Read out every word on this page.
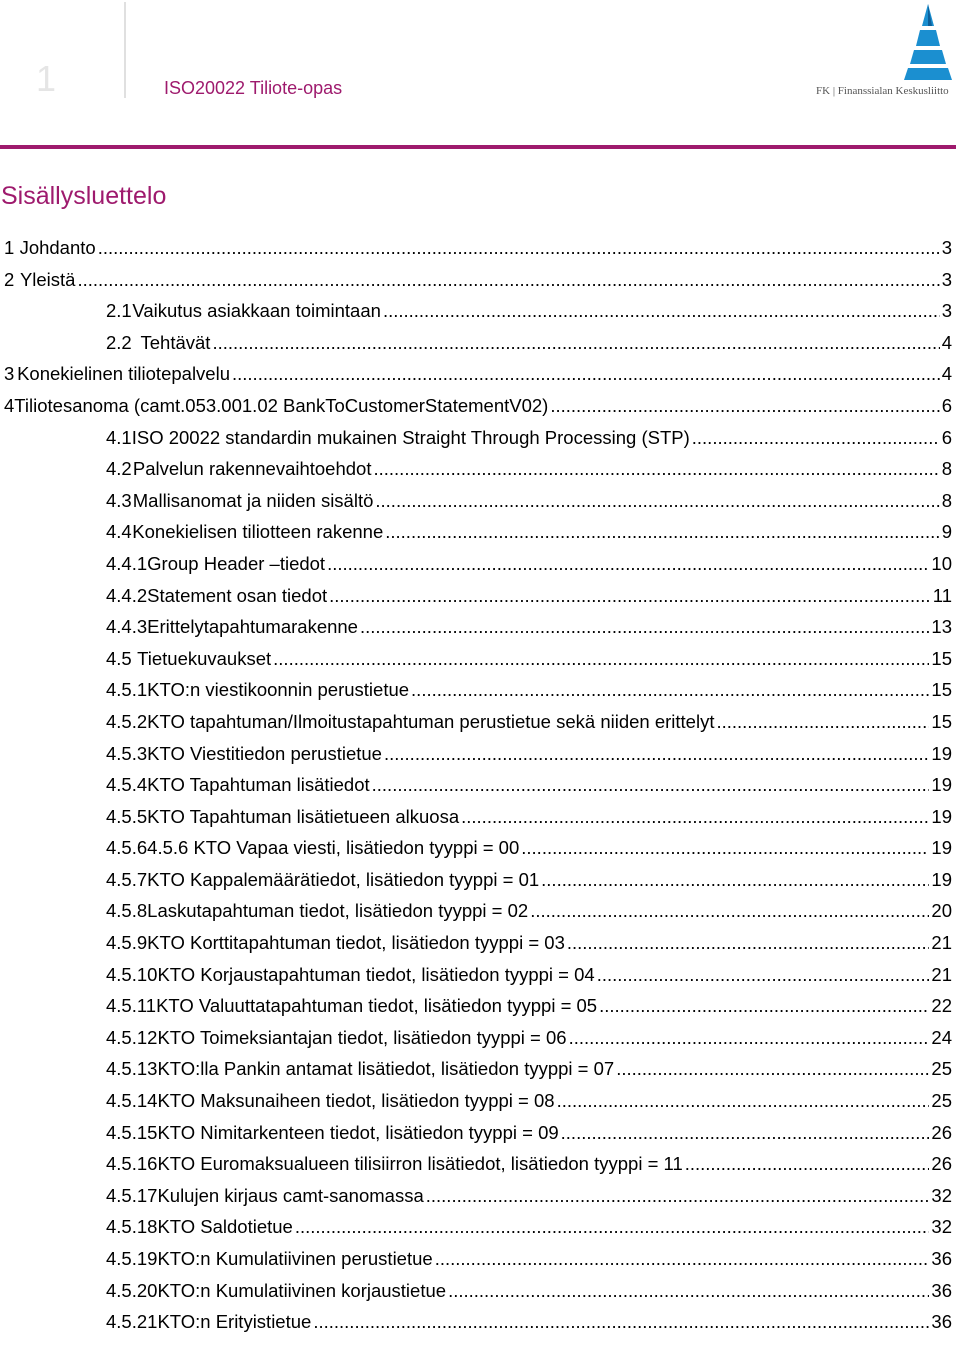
1	ISO20022 Tiliote-opas	FK | Finanssialan Keskusliitto
Sisällysluettelo
1 Johdanto .....	3
2 Yleistä .....	3
2.1 Vaikutus asiakkaan toimintaan .....	3
2.2 Tehtävät .....	4
3 Konekielinen tiliotepalvelu .....	4
4 Tiliotesanoma (camt.053.001.02 BankToCustomerStatementV02) .....	6
4.1 ISO 20022 standardin mukainen Straight Through Processing (STP) .....	6
4.2 Palvelun rakennevaihtoehdot .....	8
4.3 Mallisanomat ja niiden sisältö .....	8
4.4 Konekielisen tiliotteen rakenne .....	9
4.4.1 Group Header –tiedot .....	10
4.4.2 Statement osan tiedot .....	11
4.4.3 Erittelytapahtumarakenne .....	13
4.5 Tietuekuvaukset .....	15
4.5.1 KTO:n viestikoonnin perustietue .....	15
4.5.2 KTO tapahtuman/Ilmoitustapahtuman perustietue sekä niiden erittelyt .....	15
4.5.3 KTO Viestitiedon perustietue .....	19
4.5.4 KTO Tapahtuman lisätiedot .....	19
4.5.5 KTO Tapahtuman lisätietueen alkuosa .....	19
4.5.6 4.5.6 KTO Vapaa viesti, lisätiedon tyyppi = 00 .....	19
4.5.7 KTO Kappalemäärätiedot, lisätiedon tyyppi = 01 .....	19
4.5.8 Laskutapahtuman tiedot, lisätiedon tyyppi = 02 .....	20
4.5.9 KTO Korttitapahtuman tiedot, lisätiedon tyyppi = 03 .....	21
4.5.10 KTO Korjaustapahtuman tiedot, lisätiedon tyyppi = 04 .....	21
4.5.11 KTO Valuuttatapahtuman tiedot, lisätiedon tyyppi = 05 .....	22
4.5.12 KTO Toimeksiantajan tiedot, lisätiedon tyyppi = 06 .....	24
4.5.13 KTO:lla Pankin antamat lisätiedot, lisätiedon tyyppi = 07 .....	25
4.5.14 KTO Maksunaiheen tiedot, lisätiedon tyyppi = 08 .....	25
4.5.15 KTO Nimitarkenteen tiedot, lisätiedon tyyppi = 09 .....	26
4.5.16 KTO Euromaksualueen tilisiirron lisätiedot, lisätiedon tyyppi = 11 .....	26
4.5.17 Kulujen kirjaus camt-sanomassa .....	32
4.5.18 KTO Saldotietue .....	32
4.5.19 KTO:n Kumulatiivinen perustietue .....	36
4.5.20 KTO:n Kumulatiivinen korjaustietue .....	36
4.5.21 KTO:n Erityistietue .....	36
